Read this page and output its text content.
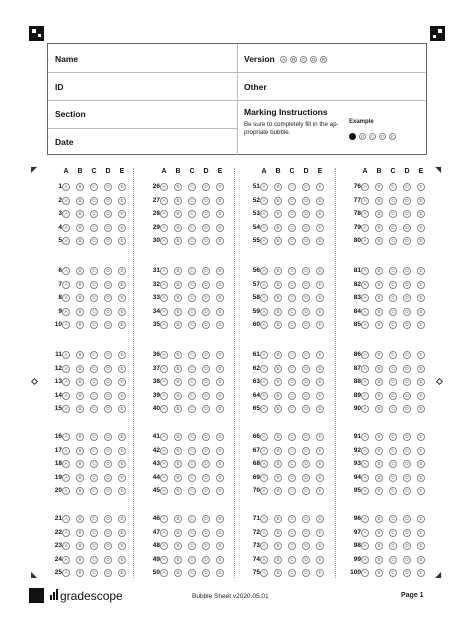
◤	◥
◣	◢
Name
ID
Section
Date
Version A B C D E
Other
Marking Instructions
Be sure to completely fill in the ap-
propriate bubble.
Example
B C D E
A	B	C	D	E
1 A	B	C	D	E
2 A	B	C	D	E
3 A	B	C	D	E
4 A	B	C	D	E
5 A	B	C	D	E
6 A	B	C	D	E
7 A	B	C	D	E
8 A	B	C	D	E
9 A	B	C	D	E
10 A	B	C	D	E
11 A	B	C	D	E
12 A	B	C	D	E
13 A	B	C	D	E
14 A	B	C	D	E
15 A	B	C	D	E
16 A	B	C	D	E
17 A	B	C	D	E
18 A	B	C	D	E
19 A	B	C	D	E
20 A	B	C	D	E
21 A	B	C	D	E
22 A	B	C	D	E
23 A	B	C	D	E
24 A	B	C	D	E
25 A	B	C	D	E
A	B	C	D	E
26 A	B	C	D	E
27 A	B	C	D	E
28 A	B	C	D	E
29 A	B	C	D	E
30 A	B	C	D	E
31 A	B	C	D	E
32 A	B	C	D	E
33 A	B	C	D	E
34 A	B	C	D	E
35 A	B	C	D	E
36 A	B	C	D	E
37 A	B	C	D	E
38 A	B	C	D	E
39 A	B	C	D	E
40 A	B	C	D	E
41 A	B	C	D	E
42 A	B	C	D	E
43 A	B	C	D	E
44 A	B	C	D	E
45 A	B	C	D	E
46 A	B	C	D	E
47 A	B	C	D	E
48 A	B	C	D	E
49 A	B	C	D	E
50 A	B	C	D	E
A	B	C	D	E
51 A	B	C	D	E
52 A	B	C	D	E
53 A	B	C	D	E
54 A	B	C	D	E
55 A	B	C	D	E
56 A	B	C	D	E
57 A	B	C	D	E
58 A	B	C	D	E
59 A	B	C	D	E
60 A	B	C	D	E
61 A	B	C	D	E
62 A	B	C	D	E
63 A	B	C	D	E
64 A	B	C	D	E
65 A	B	C	D	E
66 A	B	C	D	E
67 A	B	C	D	E
68 A	B	C	D	E
69 A	B	C	D	E
70 A	B	C	D	E
71 A	B	C	D	E
72 A	B	C	D	E
73 A	B	C	D	E
74 A	B	C	D	E
75 A	B	C	D	E
A	B	C	D	E
76 A	B	C	D	E
77 A	B	C	D	E
78 A	B	C	D	E
79 A	B	C	D	E
80 A	B	C	D	E
81 A	B	C	D	E
82 A	B	C	D	E
83 A	B	C	D	E
84 A	B	C	D	E
85 A	B	C	D	E
86 A	B	C	D	E
87 A	B	C	D	E
88 A	B	C	D	E
89 A	B	C	D	E
90 A	B	C	D	E
91 A	B	C	D	E
92 A	B	C	D	E
93 A	B	C	D	E
94 A	B	C	D	E
95 A	B	C	D	E
96 A	B	C	D	E
97 A	B	C	D	E
98 A	B	C	D	E
99 A	B	C	D	E
100 A	B	C	D	E
gradescope	Bubble Sheet v2020.05.01	Page 1
